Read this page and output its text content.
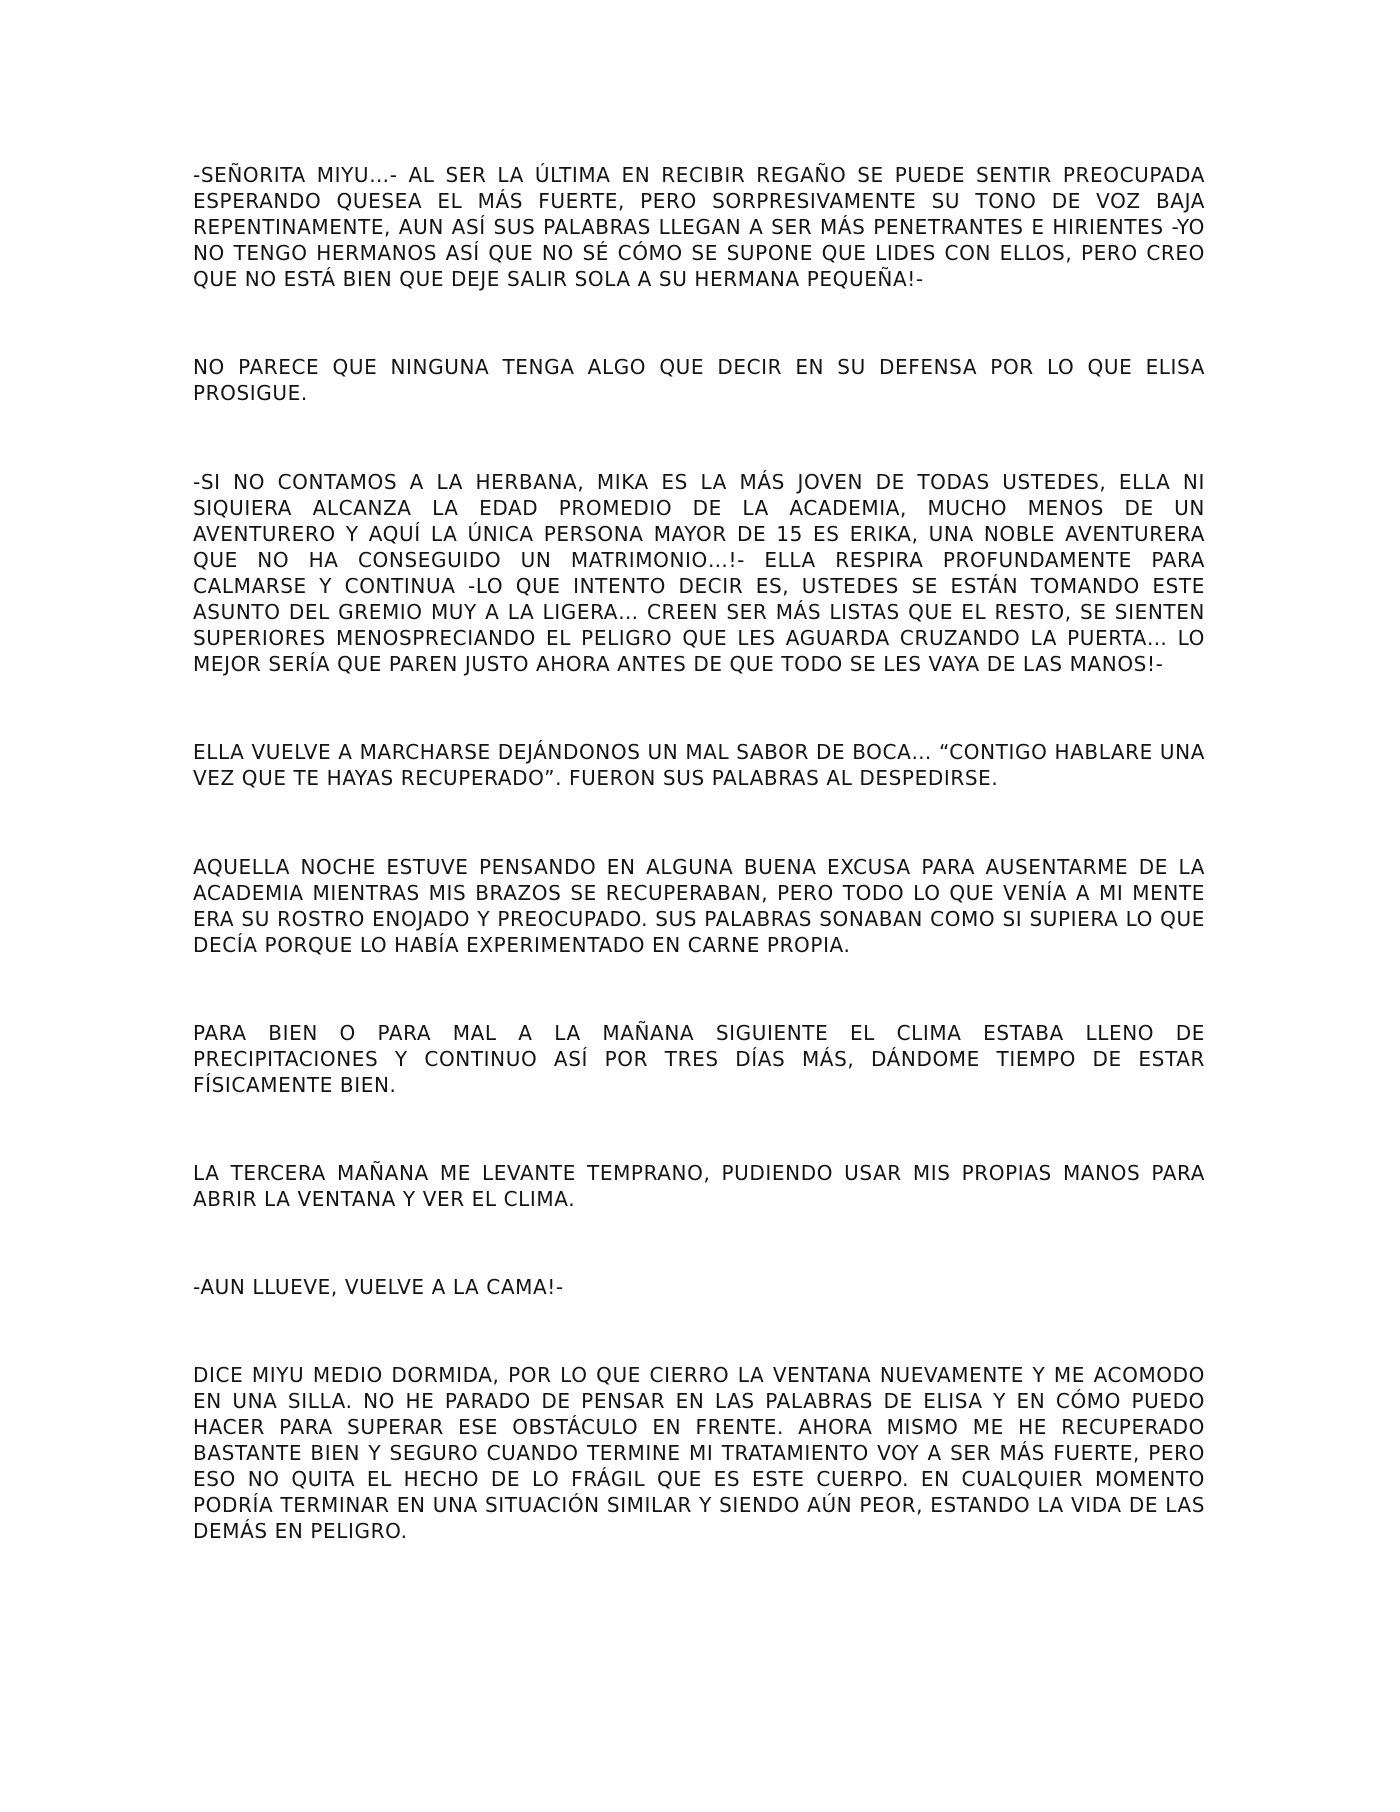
-SEÑORITA MIYU…- AL SER LA ÚLTIMA EN RECIBIR REGAÑO SE PUEDE SENTIR PREOCUPADA ESPERANDO QUESEA EL MÁS FUERTE, PERO SORPRESIVAMENTE SU TONO DE VOZ BAJA REPENTINAMENTE, AUN ASÍ SUS PALABRAS LLEGAN A SER MÁS PENETRANTES E HIRIENTES -YO NO TENGO HERMANOS ASÍ QUE NO SÉ CÓMO SE SUPONE QUE LIDES CON ELLOS, PERO CREO QUE NO ESTÁ BIEN QUE DEJE SALIR SOLA A SU HERMANA PEQUEÑA!-

NO PARECE QUE NINGUNA TENGA ALGO QUE DECIR EN SU DEFENSA POR LO QUE ELISA PROSIGUE.

-SI NO CONTAMOS A LA HERBANA, MIKA ES LA MÁS JOVEN DE TODAS USTEDES, ELLA NI SIQUIERA ALCANZA LA EDAD PROMEDIO DE LA ACADEMIA, MUCHO MENOS DE UN AVENTURERO Y AQUÍ LA ÚNICA PERSONA MAYOR DE 15 ES ERIKA, UNA NOBLE AVENTURERA QUE NO HA CONSEGUIDO UN MATRIMONIO…!- ELLA RESPIRA PROFUNDAMENTE PARA CALMARSE Y CONTINUA -LO QUE INTENTO DECIR ES, USTEDES SE ESTÁN TOMANDO ESTE ASUNTO DEL GREMIO MUY A LA LIGERA… CREEN SER MÁS LISTAS QUE EL RESTO, SE SIENTEN SUPERIORES MENOSPRECIANDO EL PELIGRO QUE LES AGUARDA CRUZANDO LA PUERTA… LO MEJOR SERÍA QUE PAREN JUSTO AHORA ANTES DE QUE TODO SE LES VAYA DE LAS MANOS!-

ELLA VUELVE A MARCHARSE DEJÁNDONOS UN MAL SABOR DE BOCA… “CONTIGO HABLARE UNA VEZ QUE TE HAYAS RECUPERADO”. FUERON SUS PALABRAS AL DESPEDIRSE.

AQUELLA NOCHE ESTUVE PENSANDO EN ALGUNA BUENA EXCUSA PARA AUSENTARME DE LA ACADEMIA MIENTRAS MIS BRAZOS SE RECUPERABAN, PERO TODO LO QUE VENÍA A MI MENTE ERA SU ROSTRO ENOJADO Y PREOCUPADO. SUS PALABRAS SONABAN COMO SI SUPIERA LO QUE DECÍA PORQUE LO HABÍA EXPERIMENTADO EN CARNE PROPIA.

PARA BIEN O PARA MAL A LA MAÑANA SIGUIENTE EL CLIMA ESTABA LLENO DE PRECIPITACIONES Y CONTINUO ASÍ POR TRES DÍAS MÁS, DÁNDOME TIEMPO DE ESTAR FÍSICAMENTE BIEN.

LA TERCERA MAÑANA ME LEVANTE TEMPRANO, PUDIENDO USAR MIS PROPIAS MANOS PARA ABRIR LA VENTANA Y VER EL CLIMA.

-AUN LLUEVE, VUELVE A LA CAMA!-

DICE MIYU MEDIO DORMIDA, POR LO QUE CIERRO LA VENTANA NUEVAMENTE Y ME ACOMODO EN UNA SILLA. NO HE PARADO DE PENSAR EN LAS PALABRAS DE ELISA Y EN CÓMO PUEDO HACER PARA SUPERAR ESE OBSTÁCULO EN FRENTE. AHORA MISMO ME HE RECUPERADO BASTANTE BIEN Y SEGURO CUANDO TERMINE MI TRATAMIENTO VOY A SER MÁS FUERTE, PERO ESO NO QUITA EL HECHO DE LO FRÁGIL QUE ES ESTE CUERPO. EN CUALQUIER MOMENTO PODRÍA TERMINAR EN UNA SITUACIÓN SIMILAR Y SIENDO AÚN PEOR, ESTANDO LA VIDA DE LAS DEMÁS EN PELIGRO.
